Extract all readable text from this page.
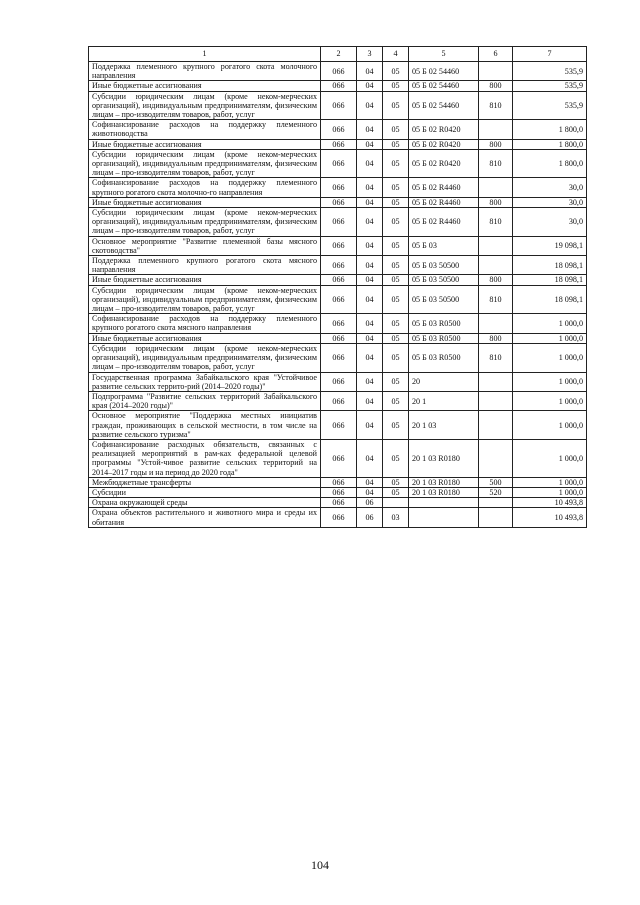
1	2	3	4	5	6	7
Поддержка племенного крупного рогатого скота молочного направления	066	04	05	05 Б 02 54460		535,9
Иные бюджетные ассигнования	066	04	05	05 Б 02 54460	800	535,9
Субсидии юридическим лицам (кроме неком-мерческих организаций), индивидуальным предпринимателям, физическим лицам – про-изводителям товаров, работ, услуг	066	04	05	05 Б 02 54460	810	535,9
Софинансирование расходов на поддержку племенного животноводства	066	04	05	05 Б 02 R0420		1 800,0
Иные бюджетные ассигнования	066	04	05	05 Б 02 R0420	800	1 800,0
Субсидии юридическим лицам (кроме неком-мерческих организаций), индивидуальным предпринимателям, физическим лицам – про-изводителям товаров, работ, услуг	066	04	05	05 Б 02 R0420	810	1 800,0
Софинансирование расходов на поддержку племенного крупного рогатого скота молочно-го направления	066	04	05	05 Б 02 R4460		30,0
Иные бюджетные ассигнования	066	04	05	05 Б 02 R4460	800	30,0
Субсидии юридическим лицам (кроме неком-мерческих организаций), индивидуальным предпринимателям, физическим лицам – про-изводителям товаров, работ, услуг	066	04	05	05 Б 02 R4460	810	30,0
Основное мероприятие "Развитие племенной базы мясного скотоводства"	066	04	05	05 Б 03		19 098,1
Поддержка племенного крупного рогатого скота мясного направления	066	04	05	05 Б 03 50500		18 098,1
Иные бюджетные ассигнования	066	04	05	05 Б 03 50500	800	18 098,1
Субсидии юридическим лицам (кроме неком-мерческих организаций), индивидуальным предпринимателям, физическим лицам – про-изводителям товаров, работ, услуг	066	04	05	05 Б 03 50500	810	18 098,1
Софинансирование расходов на поддержку племенного крупного рогатого скота мясного направления	066	04	05	05 Б 03 R0500		1 000,0
Иные бюджетные ассигнования	066	04	05	05 Б 03 R0500	800	1 000,0
Субсидии юридическим лицам (кроме неком-мерческих организаций), индивидуальным предпринимателям, физическим лицам – про-изводителям товаров, работ, услуг	066	04	05	05 Б 03 R0500	810	1 000,0
Государственная программа Забайкальского края "Устойчивое развитие сельских террито-рий (2014–2020 годы)"	066	04	05	20		1 000,0
Подпрограмма "Развитие сельских территорий Забайкальского края (2014–2020 годы)"	066	04	05	20 1		1 000,0
Основное мероприятие "Поддержка местных инициатив граждан, проживающих в сельской местности, в том числе на развитие сельского туризма"	066	04	05	20 1 03		1 000,0
Софинансирование расходных обязательств, связанных с реализацией мероприятий в рам-ках федеральной целевой программы "Устой-чивое развитие сельских территорий на 2014–2017 годы и на период до 2020 года"	066	04	05	20 1 03 R0180		1 000,0
Межбюджетные трансферты	066	04	05	20 1 03 R0180	500	1 000,0
Субсидии	066	04	05	20 1 03 R0180	520	1 000,0
Охрана окружающей среды	066	06				10 493,8
Охрана объектов растительного и животного мира и среды их обитания	066	06	03			10 493,8
104
